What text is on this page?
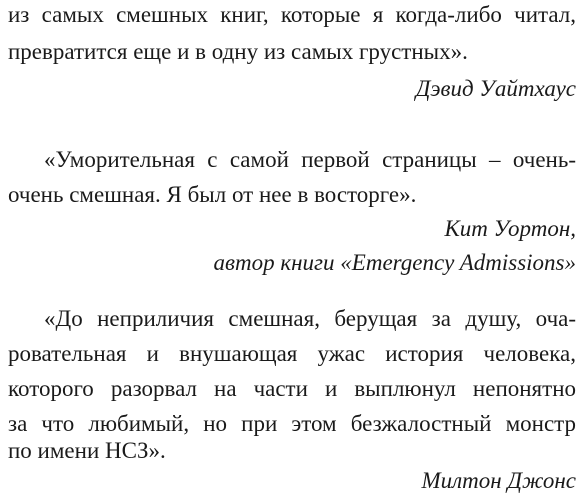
из самых смешных книг, которые я когда-либо читал,
превратится еще и в одну из самых грустных».
Дэвид Уайтхаус
«Уморительная с самой первой страницы – очень-
очень смешная. Я был от нее в восторге».
Кит Уортон,
автор книги «Emergency Admissions»
«До неприличия смешная, берущая за душу, оча-
ровательная и внушающая ужас история человека,
которого разорвал на части и выплюнул непонятно
за что любимый, но при этом безжалостный монстр
по имени НСЗ».
Милтон Джонс
